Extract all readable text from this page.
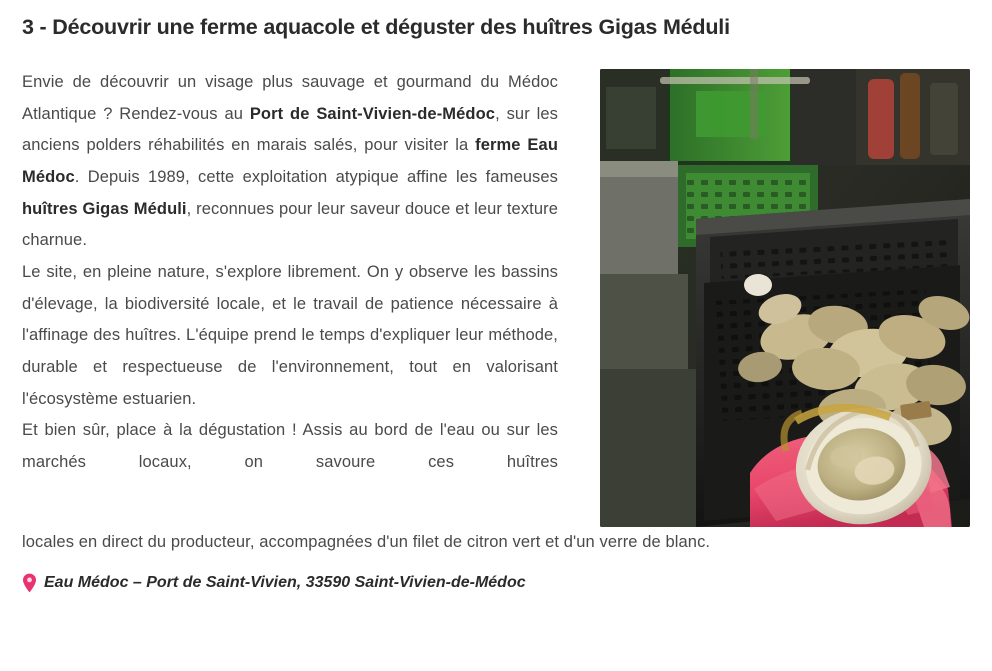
3 - Découvrir une ferme aquacole et déguster des huîtres Gigas Méduli

Envie de découvrir un visage plus sauvage et gourmand du Médoc Atlantique ? Rendez-vous au Port de Saint-Vivien-de-Médoc, sur les anciens polders réhabilités en marais salés, pour visiter la ferme Eau Médoc. Depuis 1989, cette exploitation atypique affine les fameuses huîtres Gigas Méduli, reconnues pour leur saveur douce et leur texture charnue.

Le site, en pleine nature, s'explore librement. On y observe les bassins d'élevage, la biodiversité locale, et le travail de patience nécessaire à l'affinage des huîtres. L'équipe prend le temps d'expliquer leur méthode, durable et respectueuse de l'environnement, tout en valorisant l'écosystème estuarien.

Et bien sûr, place à la dégustation ! Assis au bord de l'eau ou sur les marchés locaux, on savoure ces huîtres

locales en direct du producteur, accompagnées d'un filet de citron vert et d'un verre de blanc.
Eau Médoc – Port de Saint-Vivien, 33590 Saint-Vivien-de-Médoc
